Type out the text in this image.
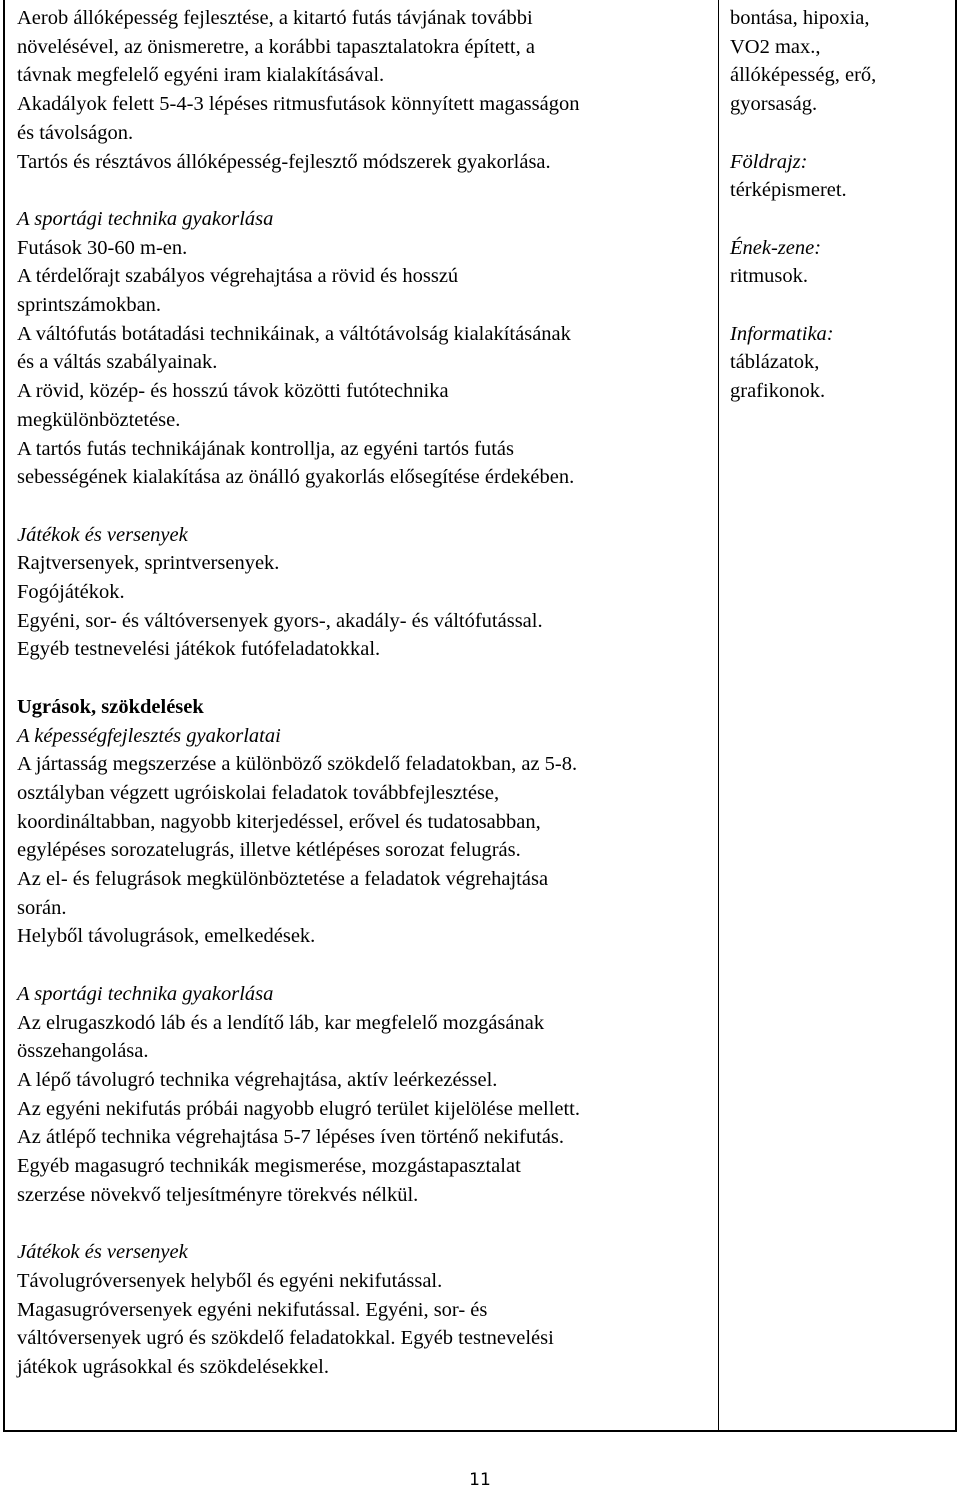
Aerob állóképesség fejlesztése, a kitartó futás távjának további
növelésével, az önismeretre, a korábbi tapasztalatokra épített, a
távnak megfelelő egyéni iram kialakításával.
Akadályok felett 5-4-3 lépéses ritmusfutások könnyített magasságon
és távolságon.
Tartós és résztávos állóképesség-fejlesztő módszerek gyakorlása.
A sportági technika gyakorlása
Futások 30-60 m-en.
A térdelőrajt szabályos végrehajtása a rövid és hosszú
sprintszámokban.
A váltófutás botátadási technikáinak, a váltótávolság kialakításának
és a váltás szabályainak.
A rövid, közép- és hosszú távok közötti futótechnika
megkülönböztetése.
A tartós futás technikájának kontrollja, az egyéni tartós futás
sebességének kialakítása az önálló gyakorlás elősegítése érdekében.
Játékok és versenyek
Rajtversenyek, sprintversenyek.
Fogójátékok.
Egyéni, sor- és váltóversenyek gyors-, akadály- és váltófutással.
Egyéb testnevelési játékok futófeladatokkal.
Ugrások, szökdelések
A képességfejlesztés gyakorlatai
A jártasság megszerzése a különböző szökdelő feladatokban, az 5-8.
osztályban végzett ugróiskolai feladatok továbbfejlesztése,
koordináltabban, nagyobb kiterjedéssel, erővel és tudatosabban,
egylépéses sorozatelugrás, illetve kétlépéses sorozat felugrás.
Az el- és felugrások megkülönböztetése a feladatok végrehajtása
során.
Helyből távolugrások, emelkedések.
A sportági technika gyakorlása
Az elrugaszkodó láb és a lendítő láb, kar megfelelő mozgásának
összehangolása.
A lépő távolugró technika végrehajtása, aktív leérkezéssel.
Az egyéni nekifutás próbái nagyobb elugró terület kijelölése mellett.
Az átlépő technika végrehajtása 5-7 lépéses íven történő nekifutás.
Egyéb magasugró technikák megismerése, mozgástapasztalat
szerzése növekvő teljesítményre törekvés nélkül.
Játékok és versenyek
Távolugróversenyek helyből és egyéni nekifutással.
Magasugróversenyek egyéni nekifutással. Egyéni, sor- és
váltóversenyek ugró és szökdelő feladatokkal. Egyéb testnevelési
játékok ugrásokkal és szökdelésekkel.
bontása, hipoxia,
VO2 max.,
állóképesség, erő,
gyorsaság.
Földrajz:
térképismeret.
Ének-zene:
ritmusok.
Informatika:
táblázatok,
grafikonok.
11
